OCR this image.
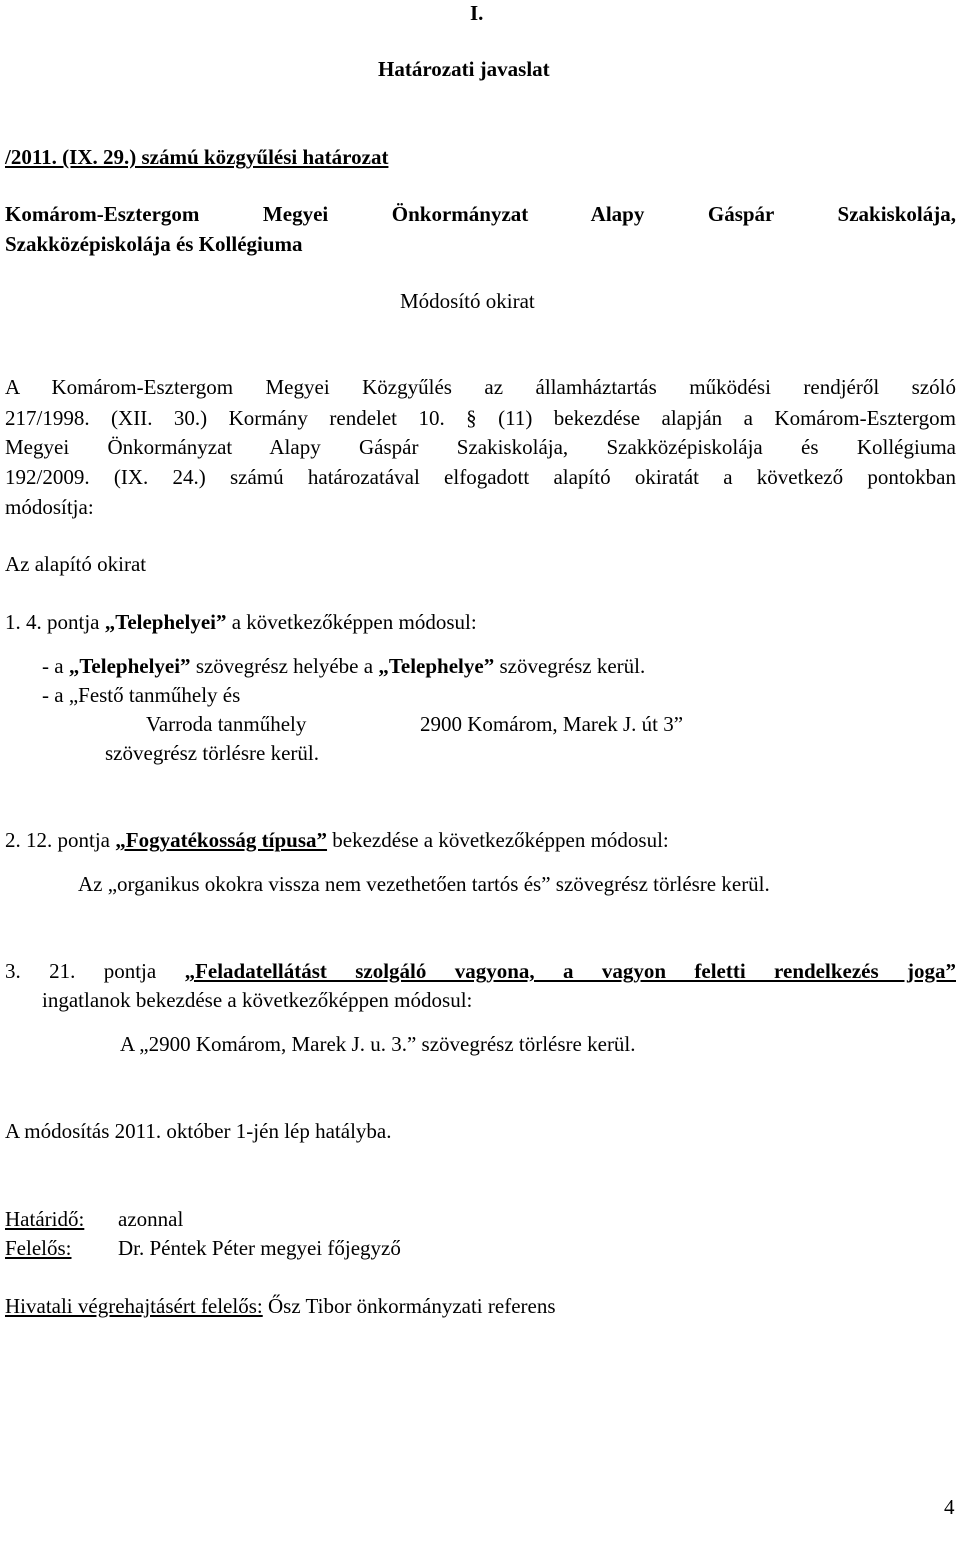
I.
Határozati javaslat
/2011. (IX. 29.) számú közgyűlési határozat
Komárom-Esztergom Megyei Önkormányzat Alapy Gáspár Szakiskolája,
Szakközépiskolája és Kollégiuma
Módosító okirat
A Komárom-Esztergom Megyei Közgyűlés az államháztartás működési rendjéről szóló
217/1998. (XII. 30.) Kormány rendelet 10. § (11) bekezdése alapján a Komárom-Esztergom
Megyei Önkormányzat Alapy Gáspár Szakiskolája, Szakközépiskolája és Kollégiuma
192/2009. (IX. 24.) számú határozatával elfogadott alapító okiratát a következő pontokban
módosítja:
Az alapító okirat
1. 4. pontja „Telephelyei” a következőképpen módosul:
- a „Telephelyei” szövegrész helyébe a „Telephelye” szövegrész kerül.
- a „Festő tanműhely és
Varroda tanműhely	2900 Komárom, Marek J. út 3”
szövegrész törlésre kerül.
2. 12. pontja „Fogyatékosság típusa” bekezdése a következőképpen módosul:
Az „organikus okokra vissza nem vezethetően tartós és” szövegrész törlésre kerül.
3. 21. pontja „Feladatellátást szolgáló vagyona, a vagyon feletti rendelkezés joga”
ingatlanok bekezdése a következőképpen módosul:
A „2900 Komárom, Marek J. u. 3.” szövegrész törlésre kerül.
A módosítás 2011. október 1-jén lép hatályba.
Határidő: azonnal
Felelős: Dr. Péntek Péter megyei főjegyző
Hivatali végrehajtásért felelős: Ősz Tibor önkormányzati referens
4
